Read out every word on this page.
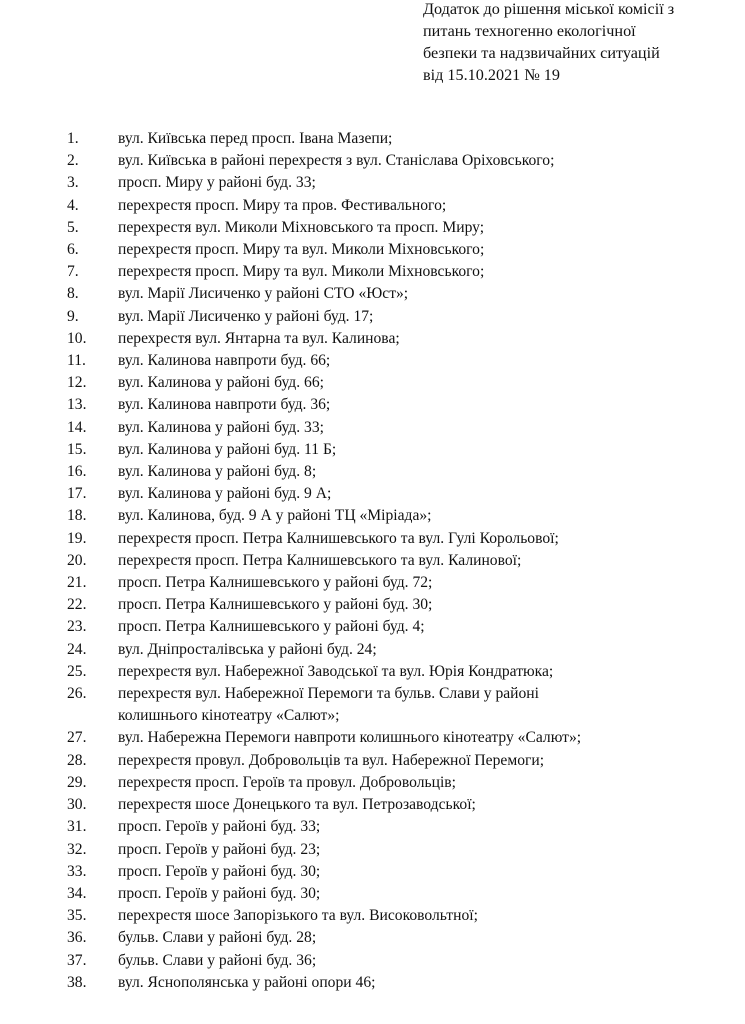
Додаток до рішення міської комісії з
питань техногенно екологічної
безпеки та надзвичайних ситуацій
від 15.10.2021 № 19
1.	вул. Київська перед просп. Івана Мазепи;
2.	вул. Київська в районі перехрестя з вул. Станіслава Оріховського;
3.	просп. Миру у районі буд. 33;
4.	перехрестя просп. Миру та пров. Фестивального;
5.	перехрестя вул. Миколи Міхновського та просп. Миру;
6.	перехрестя просп. Миру та вул. Миколи Міхновського;
7.	перехрестя просп. Миру та вул. Миколи Міхновського;
8.	вул. Марії Лисиченко у районі СТО «Юст»;
9.	вул. Марії Лисиченко у районі буд. 17;
10. перехрестя вул. Янтарна та вул. Калинова;
11. вул. Калинова навпроти буд. 66;
12. вул. Калинова у районі буд. 66;
13. вул. Калинова навпроти буд. 36;
14. вул. Калинова у районі буд. 33;
15. вул. Калинова у районі буд. 11 Б;
16. вул. Калинова у районі буд. 8;
17. вул. Калинова у районі буд. 9 А;
18. вул. Калинова, буд. 9 А у районі ТЦ «Міріада»;
19. перехрестя просп. Петра Калнишевського та вул. Гулі Корольової;
20. перехрестя просп. Петра Калнишевського та вул. Калинової;
21. просп. Петра Калнишевського у районі буд. 72;
22. просп. Петра Калнишевського у районі буд. 30;
23. просп. Петра Калнишевського у районі буд. 4;
24. вул. Дніпросталівська у районі буд. 24;
25. перехрестя вул. Набережної Заводської та вул. Юрія Кондратюка;
26. перехрестя вул. Набережної Перемоги та бульв. Слави у районі
колишнього кінотеатру «Салют»;
27. вул. Набережна Перемоги навпроти колишнього кінотеатру «Салют»;
28. перехрестя провул. Добровольців та вул. Набережної Перемоги;
29. перехрестя просп. Героїв та провул. Добровольців;
30. перехрестя шосе Донецького та вул. Петрозаводської;
31. просп. Героїв у районі буд. 33;
32. просп. Героїв у районі буд. 23;
33. просп. Героїв у районі буд. 30;
34. просп. Героїв у районі буд. 30;
35. перехрестя шосе Запорізького та вул. Високовольтної;
36. бульв. Слави у районі буд. 28;
37. бульв. Слави у районі буд. 36;
38. вул. Яснополянська у районі опори 46;
